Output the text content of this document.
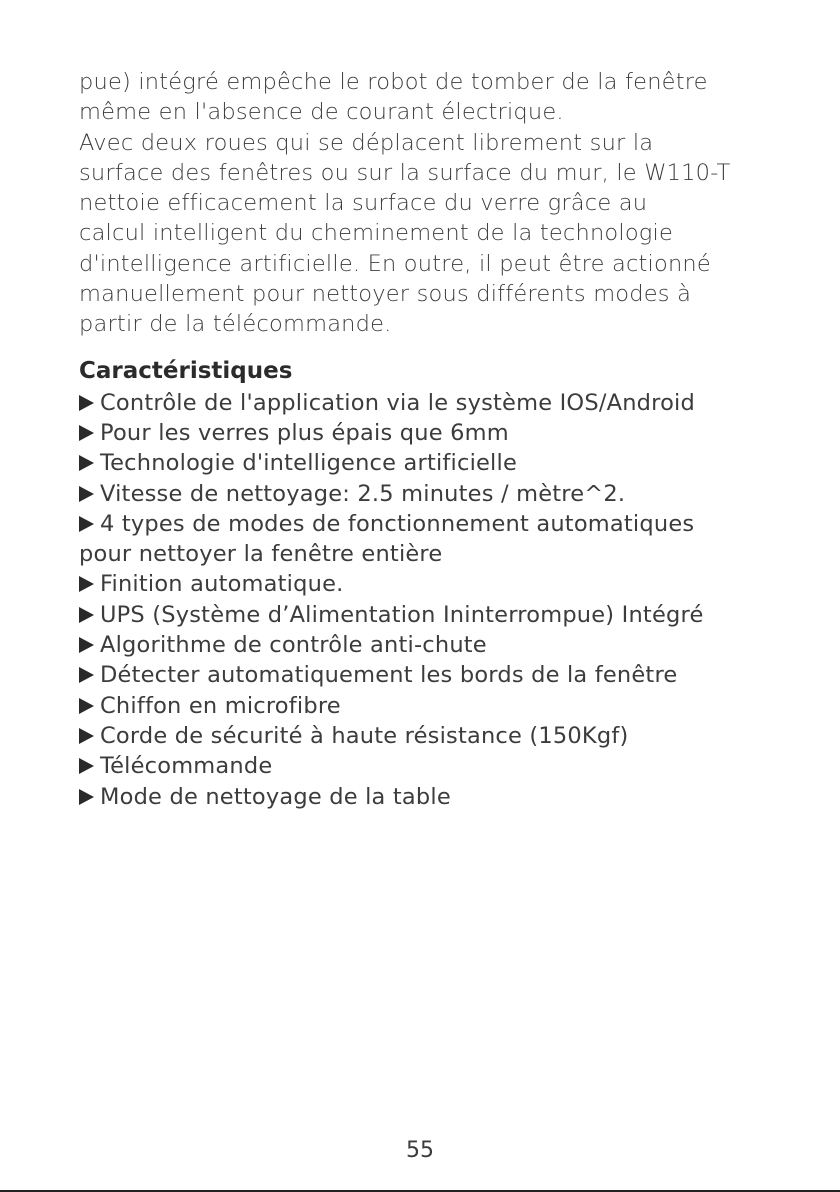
pue) intégré empêche le robot de tomber de la fenêtre
même en l'absence de courant électrique.
Avec deux roues qui se déplacent librement sur la
surface des fenêtres ou sur la surface du mur, le W110-T
nettoie efficacement la surface du verre grâce au
calcul intelligent du cheminement de la technologie
d'intelligence artificielle. En outre, il peut être actionné
manuellement pour nettoyer sous différents modes à
partir de la télécommande.
Caractéristiques
Contrôle de l'application via le système IOS/Android
Pour les verres plus épais que 6mm
Technologie d'intelligence artificielle
Vitesse de nettoyage: 2.5 minutes / mètre^2.
4 types de modes de fonctionnement automatiques
pour nettoyer la fenêtre entière
Finition automatique.
UPS (Système d’Alimentation Ininterrompue) Intégré
Algorithme de contrôle anti-chute
Détecter automatiquement les bords de la fenêtre
Chiffon en microfibre
Corde de sécurité à haute résistance (150Kgf)
Télécommande
Mode de nettoyage de la table
55
